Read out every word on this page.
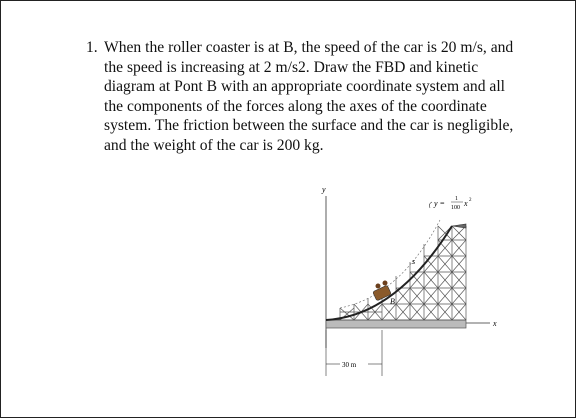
1. When the roller coaster is at B, the speed of the car is 20 m/s, and the speed is increasing at 2 m/s2. Draw the FBD and kinetic diagram at Pont B with an appropriate coordinate system and all the components of the forces along the axes of the coordinate system. The friction between the surface and the car is negligible, and the weight of the car is 200 kg.
y
x
s
B
y = 1
100 x 2
30 m
